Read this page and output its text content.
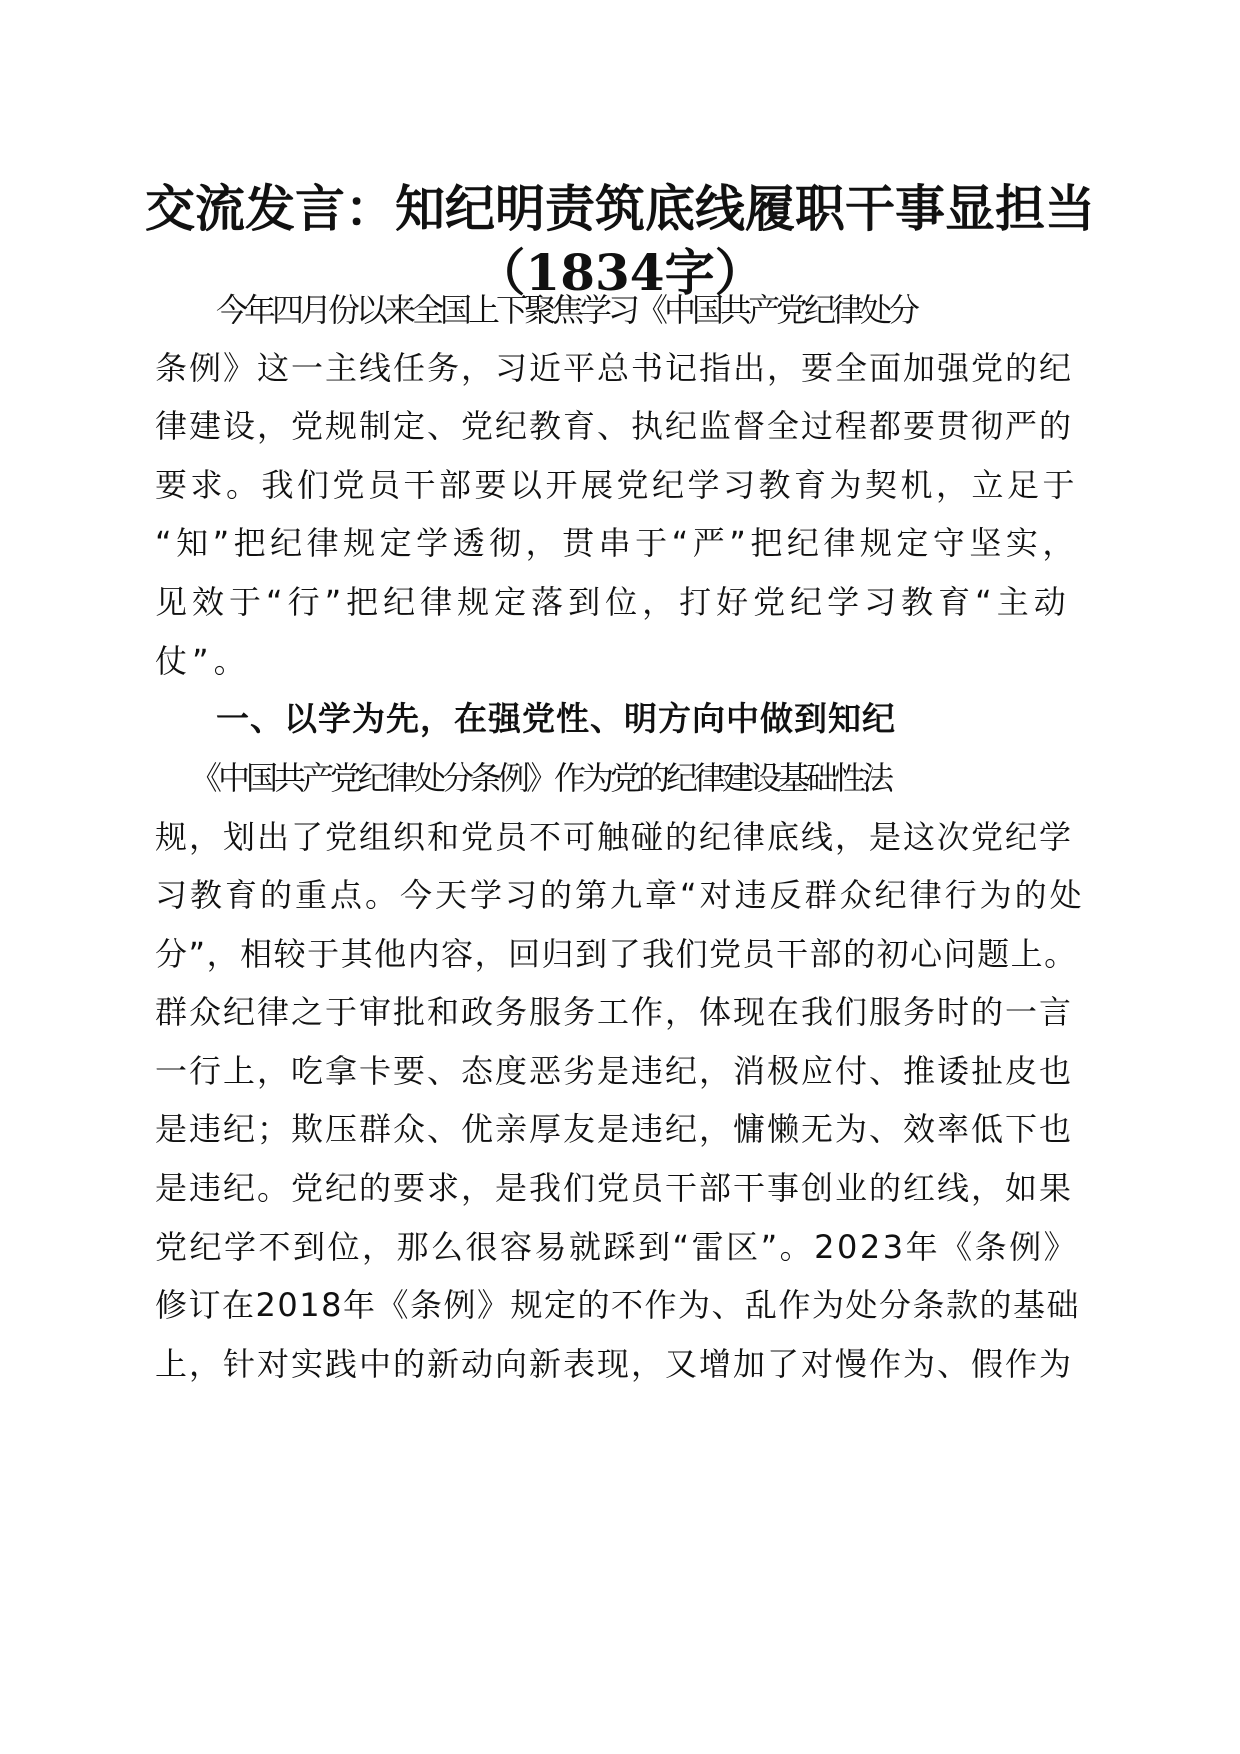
交流发言：知纪明责筑底线履职干事显担当
（1834字）

今年四月份以来全国上下聚焦学习《中国共产党纪律处分

条例》这一主线任务，习近平总书记指出，要全面加强党的纪

律建设，党规制定、党纪教育、执纪监督全过程都要贯彻严的

要求。我们党员干部要以开展党纪学习教育为契机，立足于

“知”把纪律规定学透彻，贯串于“严”把纪律规定守坚实，

见效于“行”把纪律规定落到位，打好党纪学习教育“主动

仗”。

一、以学为先，在强党性、明方向中做到知纪

《中国共产党纪律处分条例》作为党的纪律建设基础性法

规，划出了党组织和党员不可触碰的纪律底线，是这次党纪学

习教育的重点。今天学习的第九章“对违反群众纪律行为的处

分”，相较于其他内容，回归到了我们党员干部的初心问题上。

群众纪律之于审批和政务服务工作，体现在我们服务时的一言

一行上，吃拿卡要、态度恶劣是违纪，消极应付、推诿扯皮也

是违纪；欺压群众、优亲厚友是违纪，慵懒无为、效率低下也

是违纪。党纪的要求，是我们党员干部干事创业的红线，如果

党纪学不到位，那么很容易就踩到“雷区”。2023年《条例》

修订在2018年《条例》规定的不作为、乱作为处分条款的基础

上，针对实践中的新动向新表现，又增加了对慢作为、假作为
